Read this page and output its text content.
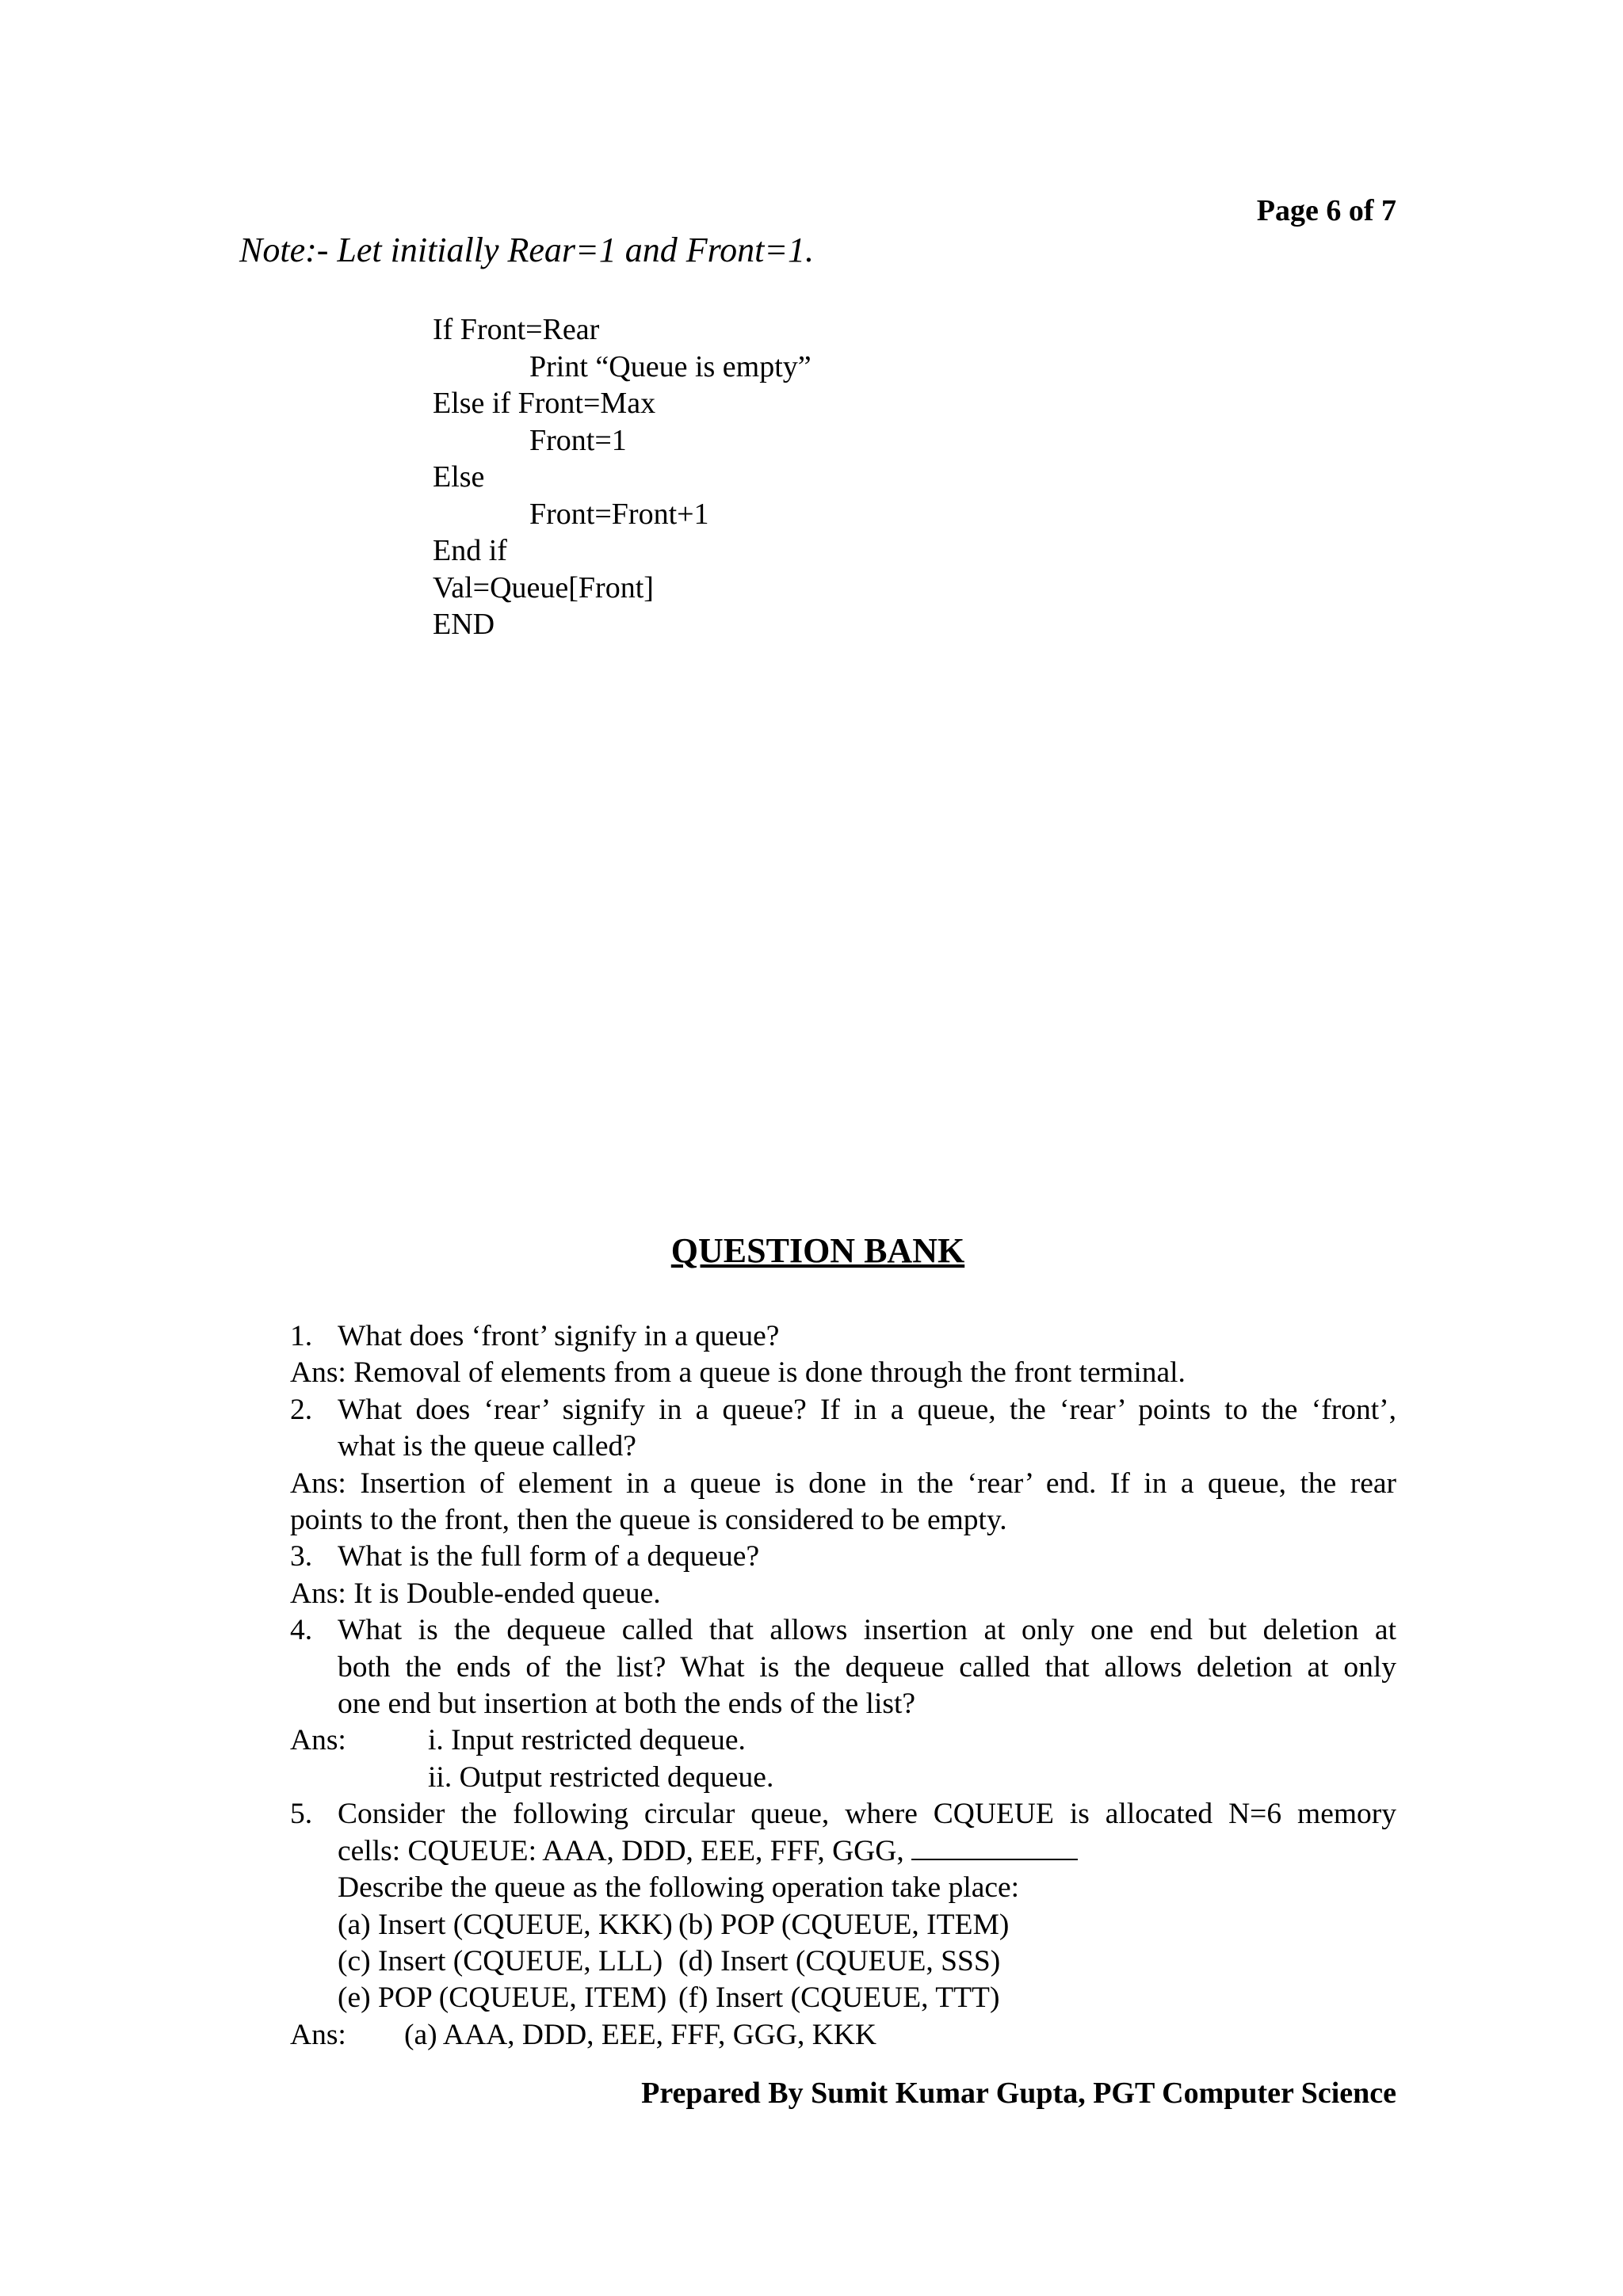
Page 6 of 7
Note:- Let initially Rear=1 and Front=1.
If Front=Rear
Print “Queue is empty”
Else if Front=Max
Front=1
Else
Front=Front+1
End if
Val=Queue[Front]
END
QUESTION BANK
1. What does ‘front’ signify in a queue?
Ans: Removal of elements from a queue is done through the front terminal.
2. What does ‘rear’ signify in a queue? If in a queue, the ‘rear’ points to the ‘front’,
what is the queue called?
Ans: Insertion of element in a queue is done in the ‘rear’ end. If in a queue, the rear
points to the front, then the queue is considered to be empty.
3. What is the full form of a dequeue?
Ans: It is Double-ended queue.
4. What is the dequeue called that allows insertion at only one end but deletion at
both the ends of the list? What is the dequeue called that allows deletion at only
one end but insertion at both the ends of the list?
Ans:	i. Input restricted dequeue.
ii. Output restricted dequeue.
5. Consider the following circular queue, where CQUEUE is allocated N=6 memory
cells: CQUEUE: AAA, DDD, EEE, FFF, GGG,
Describe the queue as the following operation take place:
(a) Insert (CQUEUE, KKK) (b) POP (CQUEUE, ITEM)
(c) Insert (CQUEUE, LLL) (d) Insert (CQUEUE, SSS)
(e) POP (CQUEUE, ITEM) (f) Insert (CQUEUE, TTT)
Ans: (a) AAA, DDD, EEE, FFF, GGG, KKK
Prepared By Sumit Kumar Gupta, PGT Computer Science
